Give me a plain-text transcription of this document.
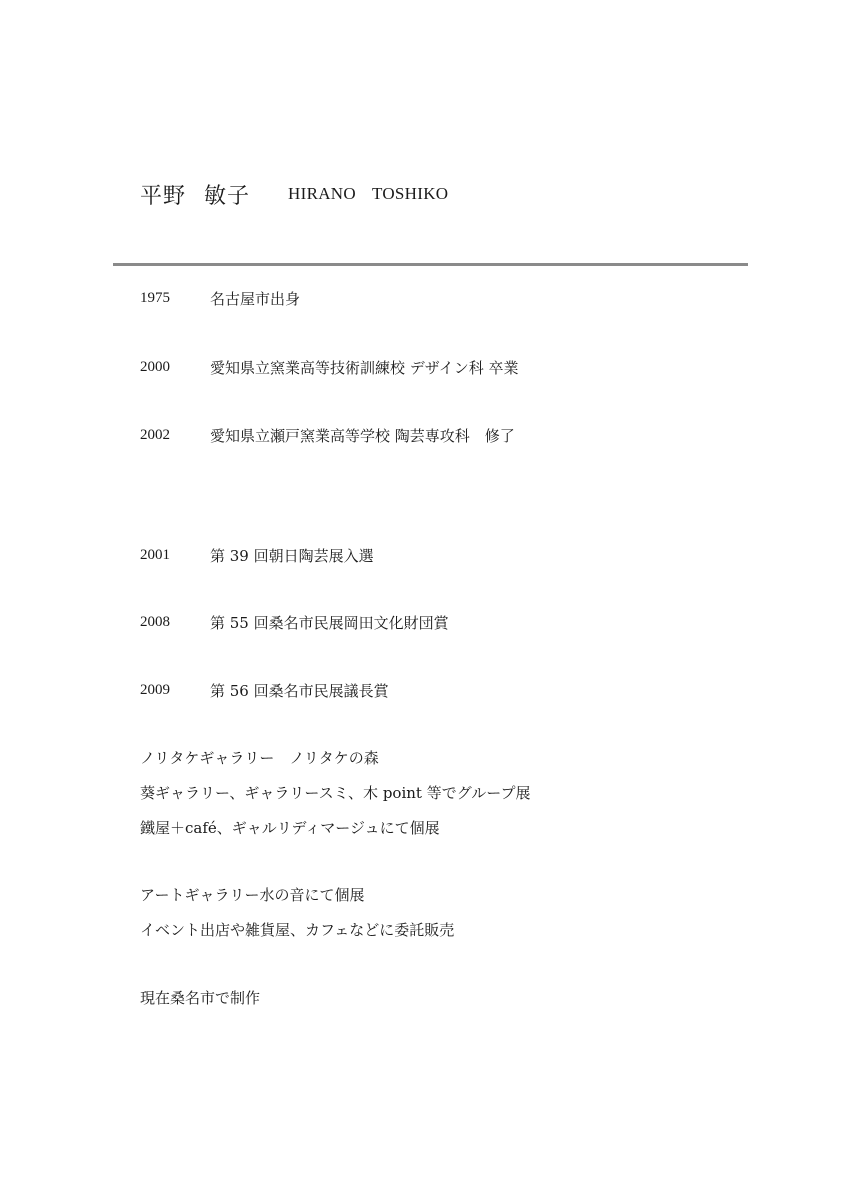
平野 敏子 HIRANO TOSHIKO
1975	名古屋市出身
2000	愛知県立窯業高等技術訓練校 デザイン科 卒業
2002	愛知県立瀬戸窯業高等学校 陶芸専攻科　修了
2001	第 39 回朝日陶芸展入選
2008	第 55 回桑名市民展岡田文化財団賞
2009	第 56 回桑名市民展議長賞
ノリタケギャラリー　ノリタケの森
葵ギャラリー、ギャラリースミ、木 point 等でグループ展
鐵屋＋café、ギャルリディマージュにて個展
アートギャラリー水の音にて個展
イベント出店や雑貨屋、カフェなどに委託販売
現在桑名市で制作
